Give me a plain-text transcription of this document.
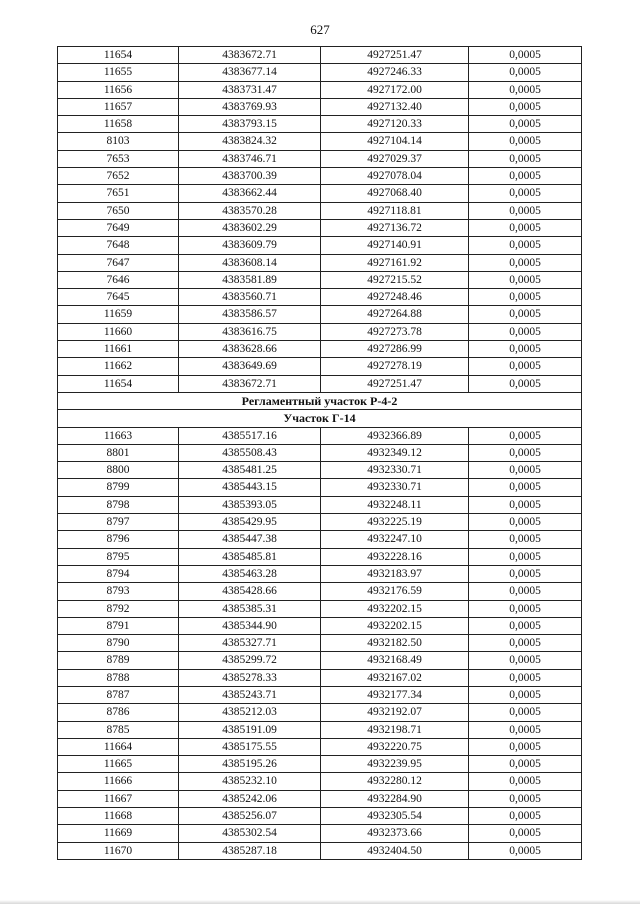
627
11654	4383672.71	4927251.47	0,0005
11655	4383677.14	4927246.33	0,0005
11656	4383731.47	4927172.00	0,0005
11657	4383769.93	4927132.40	0,0005
11658	4383793.15	4927120.33	0,0005
8103	4383824.32	4927104.14	0,0005
7653	4383746.71	4927029.37	0,0005
7652	4383700.39	4927078.04	0,0005
7651	4383662.44	4927068.40	0,0005
7650	4383570.28	4927118.81	0,0005
7649	4383602.29	4927136.72	0,0005
7648	4383609.79	4927140.91	0,0005
7647	4383608.14	4927161.92	0,0005
7646	4383581.89	4927215.52	0,0005
7645	4383560.71	4927248.46	0,0005
11659	4383586.57	4927264.88	0,0005
11660	4383616.75	4927273.78	0,0005
11661	4383628.66	4927286.99	0,0005
11662	4383649.69	4927278.19	0,0005
11654	4383672.71	4927251.47	0,0005
Регламентный участок Р-4-2			
Участок Г-14			
11663	4385517.16	4932366.89	0,0005
8801	4385508.43	4932349.12	0,0005
8800	4385481.25	4932330.71	0,0005
8799	4385443.15	4932330.71	0,0005
8798	4385393.05	4932248.11	0,0005
8797	4385429.95	4932225.19	0,0005
8796	4385447.38	4932247.10	0,0005
8795	4385485.81	4932228.16	0,0005
8794	4385463.28	4932183.97	0,0005
8793	4385428.66	4932176.59	0,0005
8792	4385385.31	4932202.15	0,0005
8791	4385344.90	4932202.15	0,0005
8790	4385327.71	4932182.50	0,0005
8789	4385299.72	4932168.49	0,0005
8788	4385278.33	4932167.02	0,0005
8787	4385243.71	4932177.34	0,0005
8786	4385212.03	4932192.07	0,0005
8785	4385191.09	4932198.71	0,0005
11664	4385175.55	4932220.75	0,0005
11665	4385195.26	4932239.95	0,0005
11666	4385232.10	4932280.12	0,0005
11667	4385242.06	4932284.90	0,0005
11668	4385256.07	4932305.54	0,0005
11669	4385302.54	4932373.66	0,0005
11670	4385287.18	4932404.50	0,0005
